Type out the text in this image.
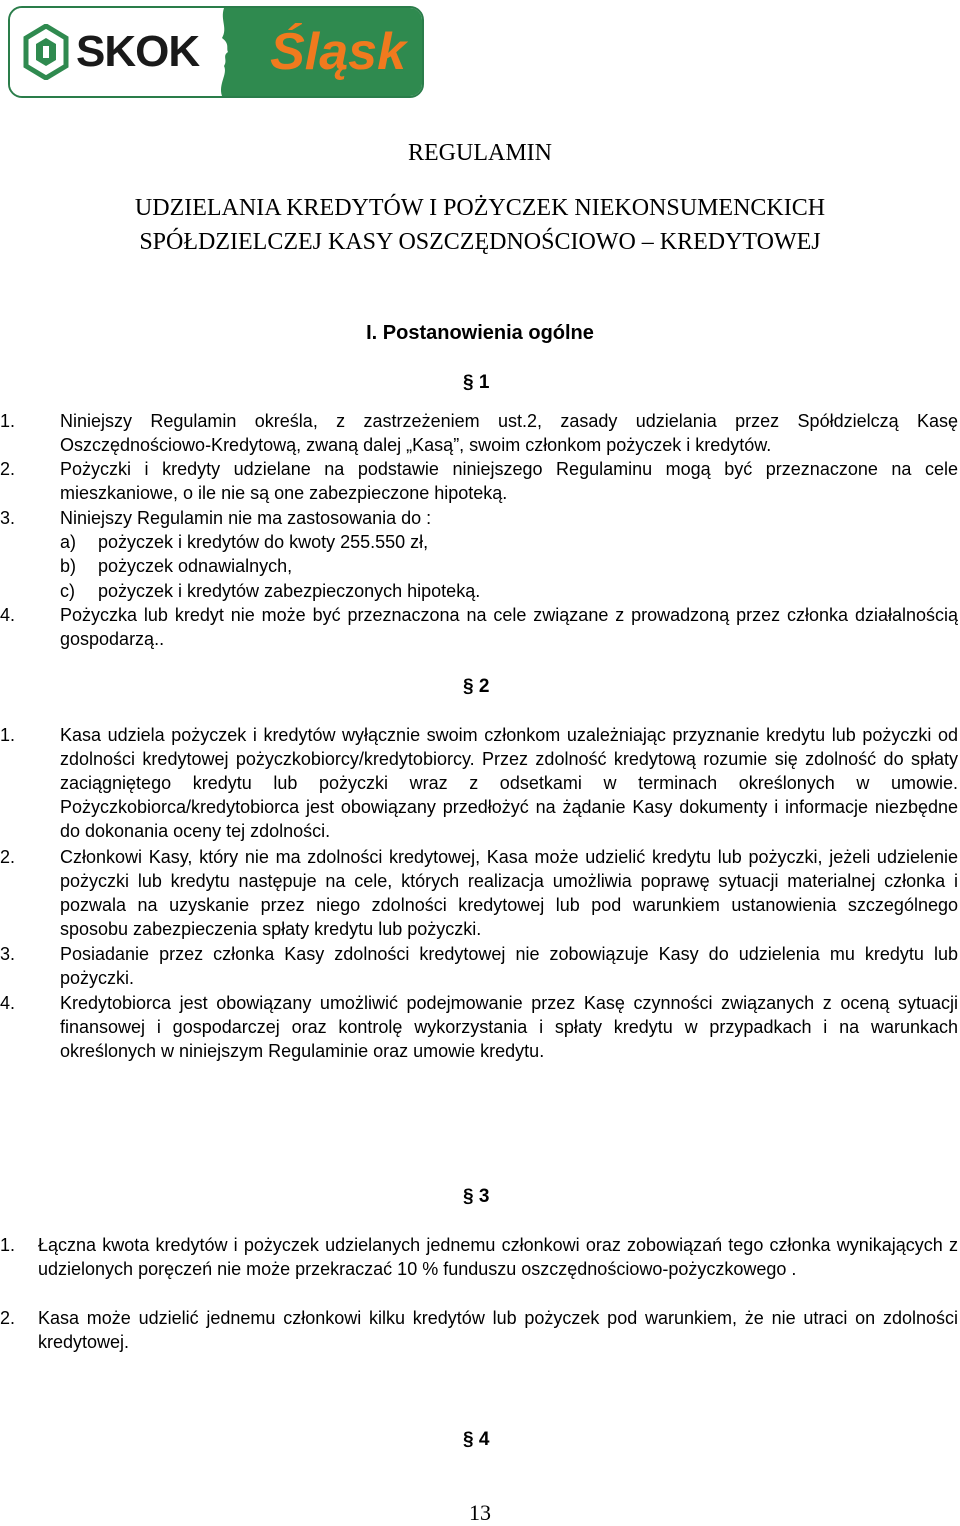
SKOK Śląsk
REGULAMIN
UDZIELANIA KREDYTÓW I POŻYCZEK NIEKONSUMENCKICH
SPÓŁDZIELCZEJ KASY OSZCZĘDNOŚCIOWO – KREDYTOWEJ
I. Postanowienia ogólne
§ 1
1. Niniejszy Regulamin określa, z zastrzeżeniem ust.2, zasady udzielania przez Spółdzielczą Kasę Oszczędnościowo-Kredytową, zwaną dalej „Kasą”, swoim członkom pożyczek i kredytów.
2. Pożyczki i kredyty udzielane na podstawie niniejszego Regulaminu mogą być przeznaczone na cele mieszkaniowe, o ile nie są one zabezpieczone hipoteką.
3. Niniejszy Regulamin nie ma zastosowania do :
a) pożyczek i kredytów do kwoty 255.550 zł,
b) pożyczek odnawialnych,
c) pożyczek i kredytów zabezpieczonych hipoteką.
4. Pożyczka lub kredyt nie może być przeznaczona na cele związane z prowadzoną przez członka działalnością gospodarzą..
§ 2
1. Kasa udziela pożyczek i kredytów wyłącznie swoim członkom uzależniając przyznanie kredytu lub pożyczki od zdolności kredytowej pożyczkobiorcy/kredytobiorcy. Przez zdolność kredytową rozumie się zdolność do spłaty zaciągniętego kredytu lub pożyczki wraz z odsetkami w terminach określonych w umowie. Pożyczkobiorca/kredytobiorca jest obowiązany przedłożyć na żądanie Kasy dokumenty i informacje niezbędne do dokonania oceny tej zdolności.
2. Członkowi Kasy, który nie ma zdolności kredytowej, Kasa może udzielić kredytu lub pożyczki, jeżeli udzielenie pożyczki lub kredytu następuje na cele, których realizacja umożliwia poprawę sytuacji materialnej członka i pozwala na uzyskanie przez niego zdolności kredytowej lub pod warunkiem ustanowienia szczególnego sposobu zabezpieczenia spłaty kredytu lub pożyczki.
3. Posiadanie przez członka Kasy zdolności kredytowej nie zobowiązuje Kasy do udzielenia mu kredytu lub pożyczki.
4. Kredytobiorca jest obowiązany umożliwić podejmowanie przez Kasę czynności związanych z oceną sytuacji finansowej i gospodarczej oraz kontrolę wykorzystania i spłaty kredytu w przypadkach i na warunkach określonych w niniejszym Regulaminie oraz umowie kredytu.
§ 3
1. Łączna kwota kredytów i pożyczek udzielanych jednemu członkowi oraz zobowiązań tego członka wynikających z udzielonych poręczeń nie może przekraczać 10 % funduszu oszczędnościowo-pożyczkowego .
2. Kasa może udzielić jednemu członkowi kilku kredytów lub pożyczek pod warunkiem, że nie utraci on zdolności kredytowej.
§ 4
13
